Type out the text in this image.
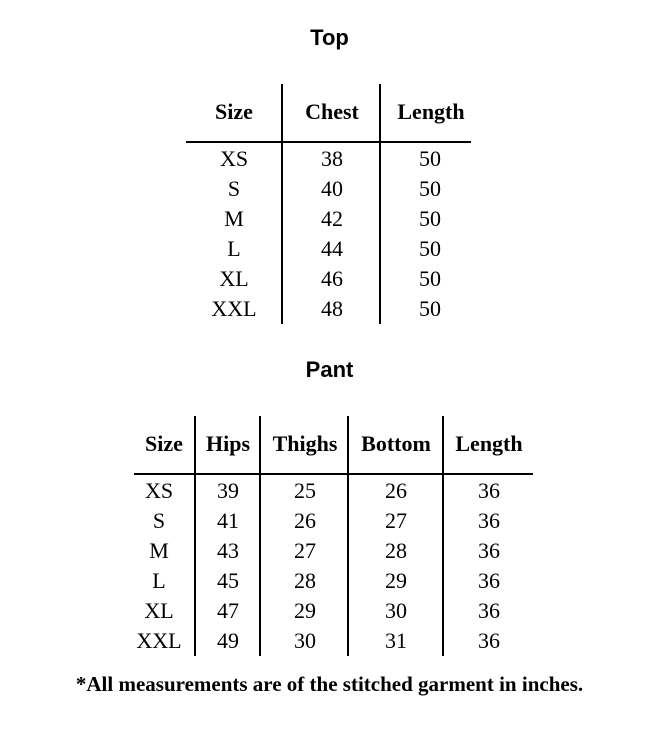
Top
Size	Chest	Length
XS	38	50
S	40	50
M	42	50
L	44	50
XL	46	50
XXL	48	50
Pant
Size	Hips	Thighs	Bottom	Length
XS	39	25	26	36
S	41	26	27	36
M	43	27	28	36
L	45	28	29	36
XL	47	29	30	36
XXL	49	30	31	36
*All measurements are of the stitched garment in inches.
